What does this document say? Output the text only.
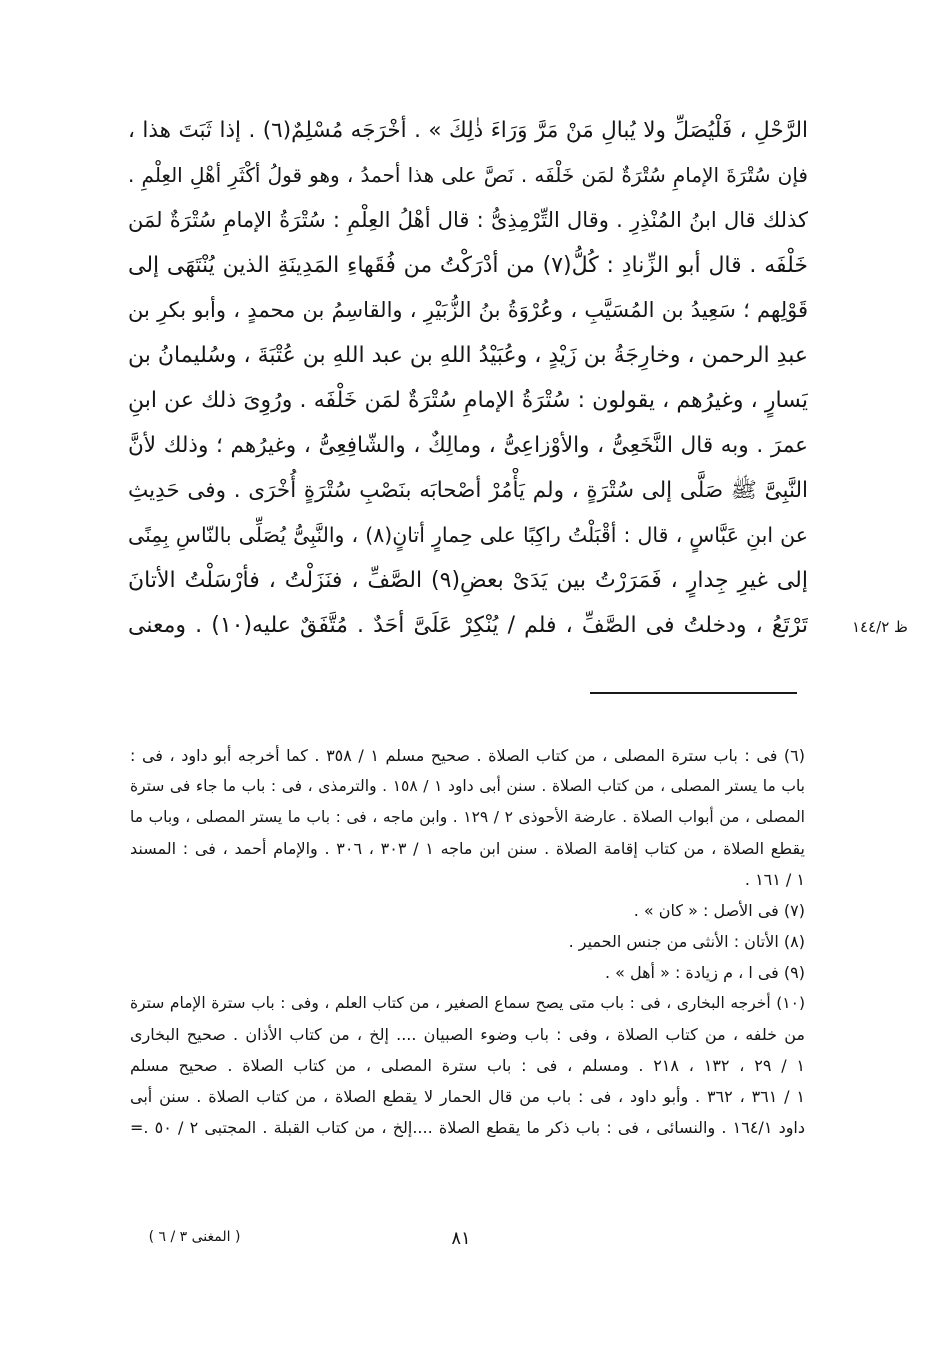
الرَّحْلِ ، فَلْيُصَلِّ ولا يُبالِ مَنْ مَرَّ وَرَاءَ ذٰلِكَ » . أخْرَجَه مُسْلِمٌ(٦) . إذا ثَبَتَ هذا ،
فإن سُتْرَةَ الإمامِ سُتْرَةٌ لمَن خَلْفَه . نَصَّ على هذا أحمدُ ، وهو قولُ أكْثَرِ أهْلِ العِلْمِ .
كذلك قال ابنُ المُنْذِرِ . وقال التِّرْمِذِىُّ : قال أهْلُ العِلْمِ : سُتْرَةُ الإمامِ سُتْرَةٌ لمَن
خَلْفَه . قال أبو الزِّنادِ : كُلُّ(٧) من أدْرَكْتُ من فُقَهاءِ المَدِينَةِ الذين يُنْتَهَى إلى
قَوْلِهم ؛ سَعِيدُ بن المُسَيَّبِ ، وعُرْوَةُ بنُ الزُّبَيْرِ ، والقاسِمُ بن محمدٍ ، وأبو بكرِ بن
عبدِ الرحمن ، وخارِجَةُ بن زَيْدٍ ، وعُبَيْدُ اللهِ بن عبد اللهِ بن عُتْبَةَ ، وسُليمانُ بن
يَسارٍ ، وغيرُهم ، يقولون : سُتْرَةُ الإمامِ سُتْرَةٌ لمَن خَلْفَه . ورُوِىَ ذلك عن ابنِ
عمرَ . وبه قال النَّخَعِىُّ ، والأوْزاعِىُّ ، ومالِكٌ ، والشّافِعِىُّ ، وغيرُهم ؛ وذلك لأنَّ
النَّبِىَّ ﷺ صَلَّى إلى سُتْرَةٍ ، ولم يَأْمُرْ أصْحابَه بنَصْبِ سُتْرَةٍ أُخْرَى . وفى حَدِيثِ
عن ابنِ عَبَّاسٍ ، قال : أقْبَلْتُ راكِبًا على حِمارٍ أتانٍ(٨) ، والنَّبِىُّ يُصَلِّى بالنّاسِ بِمِنًى
إلى غيرِ جِدارٍ ، فَمَرَرْتُ بين يَدَىْ بعضِ(٩) الصَّفِّ ، فنَزَلْتُ ، فأرْسَلْتُ الأتانَ
تَرْتَعُ ، ودخلتُ فى الصَّفِّ ، فلم / يُنْكِرْ عَلَىَّ أحَدٌ . مُتَّفَقٌ عليه(١٠) . ومعنى	١٤٤/٢ ظ
(٦) فى : باب سترة المصلى ، من كتاب الصلاة . صحيح مسلم ١ / ٣٥٨ . كما أخرجه أبو داود ، فى :
باب ما يستر المصلى ، من كتاب الصلاة . سنن أبى داود ١ / ١٥٨ . والترمذى ، فى : باب ما جاء فى سترة
المصلى ، من أبواب الصلاة . عارضة الأحوذى ٢ / ١٢٩ . وابن ماجه ، فى : باب ما يستر المصلى ، وباب ما
يقطع الصلاة ، من كتاب إقامة الصلاة . سنن ابن ماجه ١ / ٣٠٣ ، ٣٠٦ . والإمام أحمد ، فى : المسند
١ / ١٦١ .
(٧) فى الأصل : « كان » .
(٨) الأتان : الأنثى من جنس الحمير .
(٩) فى ا ، م زيادة : « أهل » .
(١٠) أخرجه البخارى ، فى : باب متى يصح سماع الصغير ، من كتاب العلم ، وفى : باب سترة الإمام سترة
من خلفه ، من كتاب الصلاة ، وفى : باب وضوء الصبيان .... إلخ ، من كتاب الأذان . صحيح البخارى
١ / ٢٩ ، ١٣٢ ، ٢١٨ . ومسلم ، فى : باب سترة المصلى ، من كتاب الصلاة . صحيح مسلم
١ / ٣٦١ ، ٣٦٢ . وأبو داود ، فى : باب من قال الحمار لا يقطع الصلاة ، من كتاب الصلاة . سنن أبى
داود ١٦٤/١ . والنسائى ، فى : باب ذكر ما يقطع الصلاة ....إلخ ، من كتاب القبلة . المجتبى ٢ / ٥٠ .=
٨١
( المغنى ٣ / ٦ )
